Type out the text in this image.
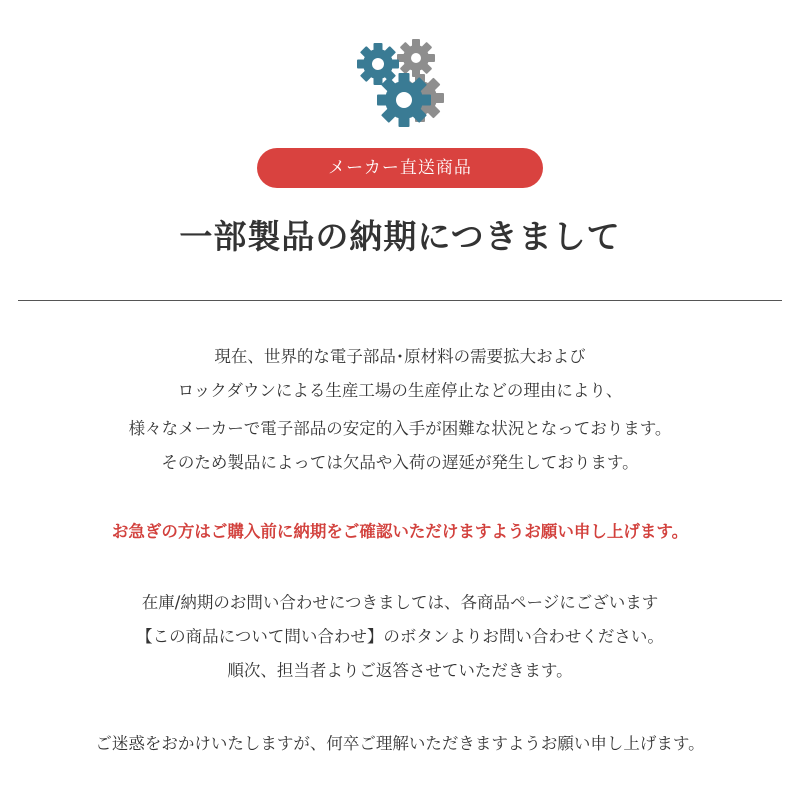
メーカー直送商品
一部製品の納期につきまして
現在、世界的な電子部品･原材料の需要拡大および
ロックダウンによる生産工場の生産停止などの理由により、
様々なメーカーで電子部品の安定的入手が困難な状況となっております。
そのため製品によっては欠品や入荷の遅延が発生しております。
お急ぎの方はご購入前に納期をご確認いただけますようお願い申し上げます。
在庫/納期のお問い合わせにつきましては、各商品ページにございます
【この商品について問い合わせ】のボタンよりお問い合わせください。
順次、担当者よりご返答させていただきます。
ご迷惑をおかけいたしますが、何卒ご理解いただきますようお願い申し上げます。
